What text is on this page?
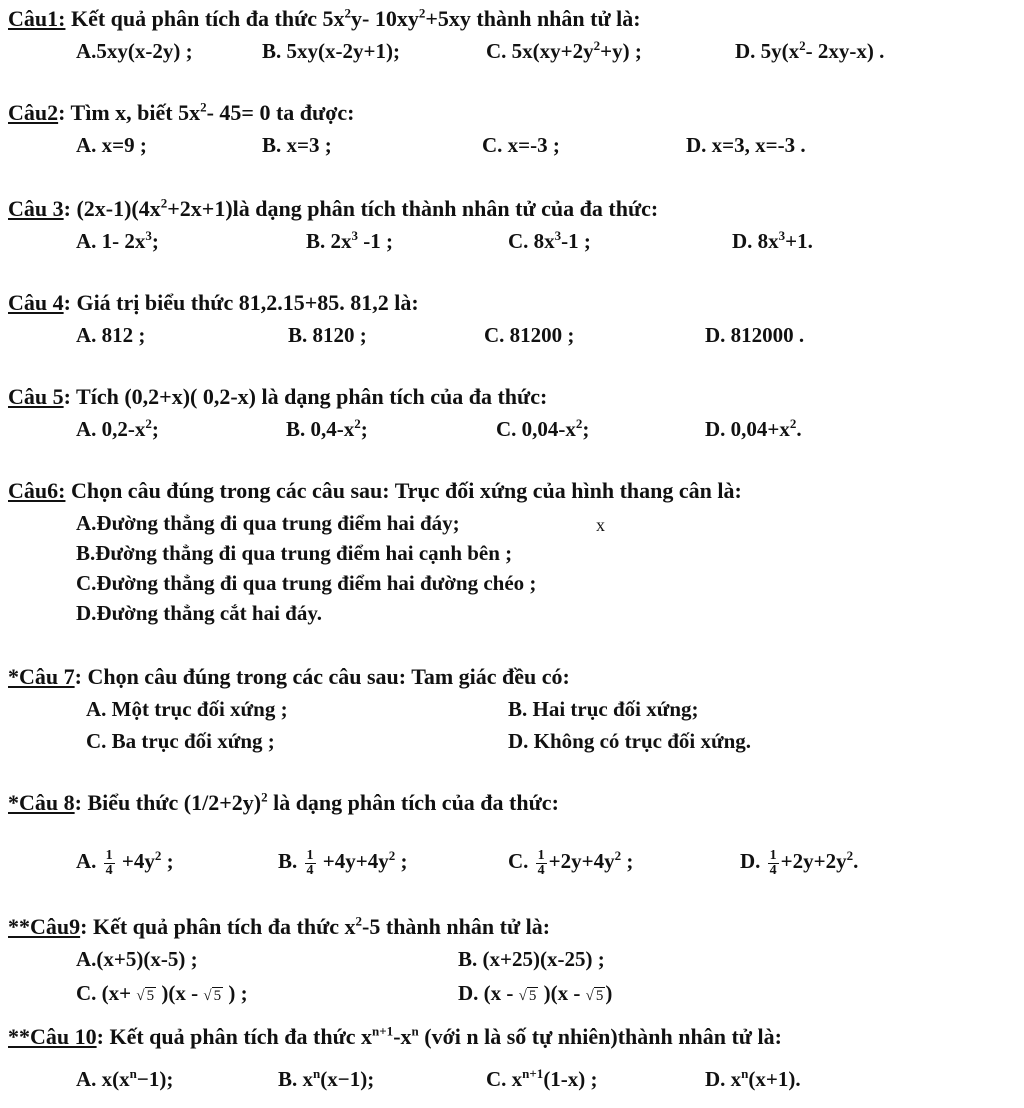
Câu1: Kết quả phân tích đa thức $5x^2y-$ $10xy^2+5xy$ thành nhân tử là:
A.5xy(x-2y) ;	B. 5xy(x-2y+1);	C. $5x(xy+2y^2+y)$ ;	D. $5y(x^2-$ 2xy-x) .
Câu2: Tìm x, biết $5x^2-$ 45= 0 ta được:
A. x=9 ;	B. x=3 ;	C. x=-3 ;	D. x=3, x=-3 .
Câu 3: $(2x-1)(4x^2+2x+1)là$ dạng phân tích thành nhân tử của đa thức:
A. 1- $2x^3$;	B. $2x^3$ -1 ;	C. $8x^3-1$ ;	D. $8x^3+1$.
Câu 4: Giá trị biểu thức 81,2.15+85. 81,2 là:
A. 812 ;	B. 8120 ;	C. 81200 ;	D. 812000 .
Câu 5: Tích (0,2+x)( 0,2-x) là dạng phân tích của đa thức:
A. $0,2-x^2$;	B. $0,4-x^2$;	C. $0,04-x^2$;	D. $0,04+x^2$.
Câu6: Chọn câu đúng trong các câu sau: Trục đối xứng của hình thang cân là:
A.Đường thẳng đi qua trung điểm hai đáy;	x
B.Đường thẳng đi qua trung điểm hai cạnh bên ;
C.Đường thẳng đi qua trung điểm hai đường chéo ;
D.Đường thẳng cắt hai đáy.
*Câu 7: Chọn câu đúng trong các câu sau: Tam giác đều có:
A. Một trục đối xứng ;	B. Hai trục đối xứng;
C. Ba trục đối xứng ;	D. Không có trục đối xứng.
*Câu 8: Biểu thức $(1/2+2y)^2$ là dạng phân tích của đa thức:
A. $\frac{1}{4} +4y^2$ ;	B. $\frac{1}{4} +4y+4y^2$ ;	C. $\frac{1}{4} +2y+4y^2$ ;	D. $\frac{1}{4} +2y+2y^2$.
**Câu9: Kết quả phân tích đa thức $x^2-5$ thành nhân tử là:
A.(x+5)(x-5) ;	B. (x+25)(x-25) ;
C. (x+ √ 5 )(x - √ 5 ) ;	D. (x - √ 5 )(x - √ 5)
**Câu 10: Kết quả phân tích đa thức $x^{n+1}-x^n$ (với n là số tự nhiên)thành nhân tử là:
A. $x(x^n-1)$;	B. $x^n(x-1)$;	C. $x^{n+1}(1-x)$ ;	D. $x^n(x+1)$.
